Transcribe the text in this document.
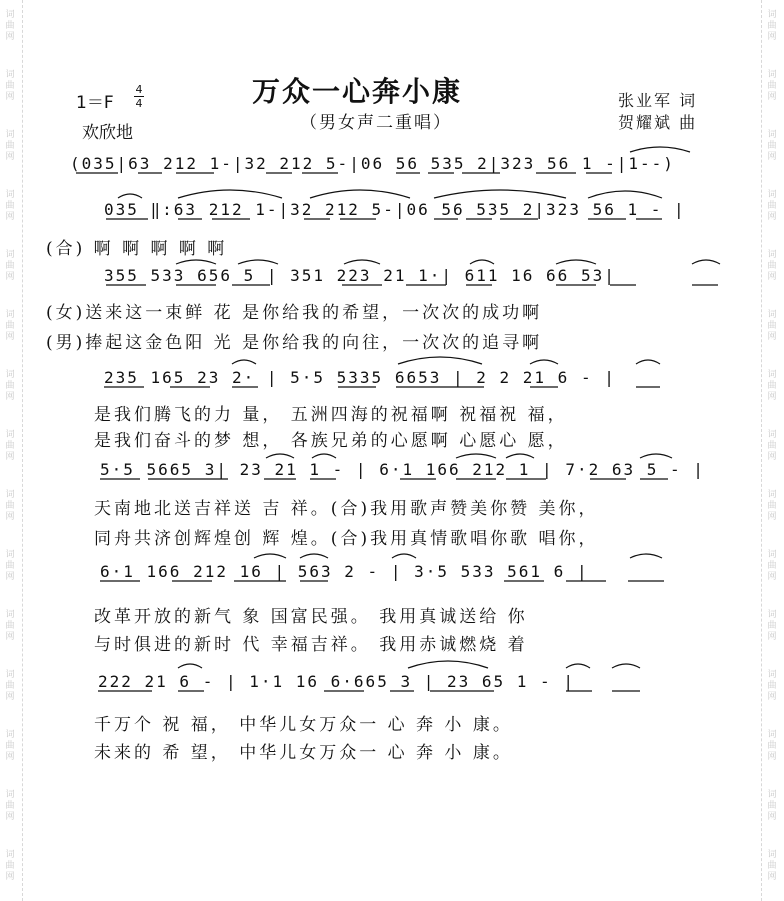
词
曲
网
词
曲
网
词
曲
网
词
曲
网
词
曲
网
词
曲
网
词
曲
网
词
曲
网
词
曲
网
词
曲
网
词
曲
网
词
曲
网
词
曲
网
词
曲
网
词
曲
网
词
曲
网
词
曲
网
词
曲
网
词
曲
网
词
曲
网
词
曲
网
词
曲
网
词
曲
网
词
曲
网
词
曲
网
词
曲
网
词
曲
网
词
曲
网
词
曲
网
词
曲
网
1＝F
4
4
欢欣地
万众一心奔小康
（男女声二重唱）
张业军 词
贺耀斌 曲
(035|63 212 1-|32 212 5-|06 56 535 2|323 56 1 -|1--)
035 ‖:63 212 1-|32 212 5-|06 56 535 2|323 56 1 - |
(合) 啊 啊 啊 啊 啊
355 533 656 5 | 351 223 21 1·| 611 16 66 53|
(女)送来这一束鲜 花 是你给我的希望，一次次的成功啊
(男)捧起这金色阳 光 是你给我的向往，一次次的追寻啊
235 165 23 2· | 5·5 5335 6653 | 2 2 21 6 - |
是我们腾飞的力 量， 五洲四海的祝福啊 祝福祝 福，
是我们奋斗的梦 想， 各族兄弟的心愿啊 心愿心 愿，
5·5 5665 3| 23 21 1 - | 6·1 166 212 1 | 7·2 63 5 - |
天南地北送吉祥送 吉 祥。(合)我用歌声赞美你赞 美你，
同舟共济创辉煌创 辉 煌。(合)我用真情歌唱你歌 唱你，
6·1 166 212 16 | 563 2 - | 3·5 533 561 6 |
改革开放的新气 象 国富民强。 我用真诚送给 你
与时俱进的新时 代 幸福吉祥。 我用赤诚燃烧 着
222 21 6 - | 1·1 16 6·665 3 | 23 65 1 - |
千万个 祝 福， 中华儿女万众一 心 奔 小 康。
未来的 希 望， 中华儿女万众一 心 奔 小 康。
